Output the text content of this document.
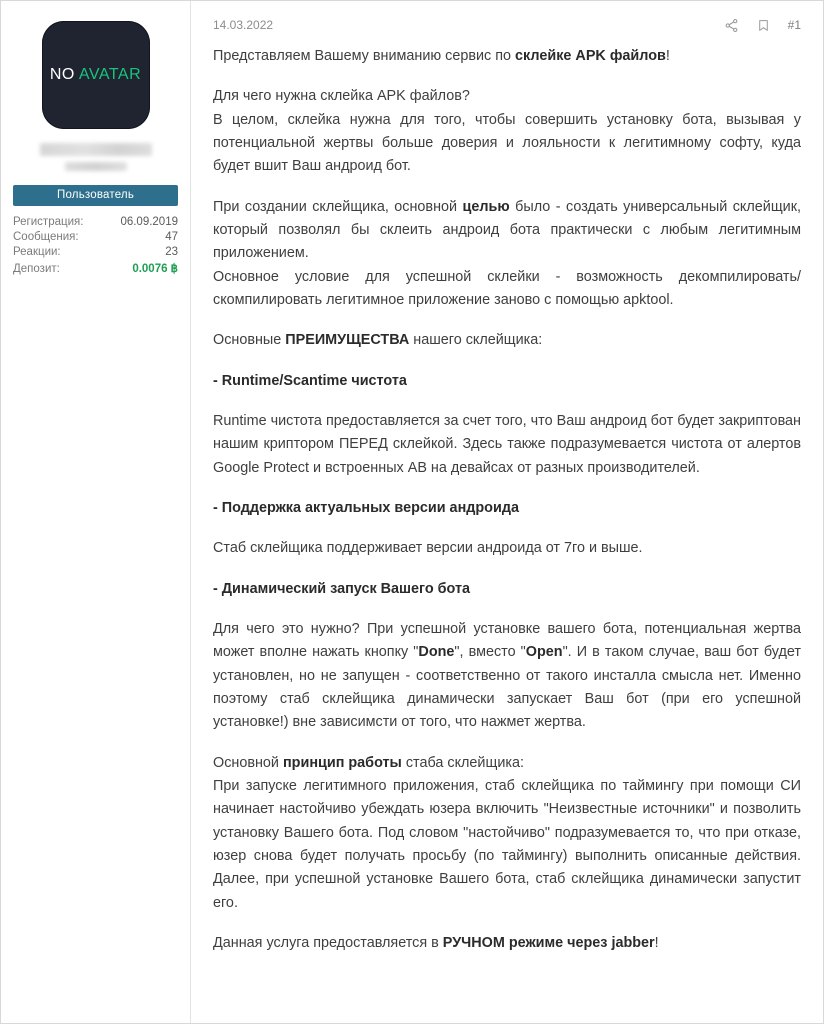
NO AVATAR
Пользователь
Регистрация:	06.09.2019
Сообщения:	47
Реакции:	23
Депозит:	0.0076 ฿
14.03.2022	#1

Представляем Вашему вниманию сервис по склейке APK файлов!

Для чего нужна склейка APK файлов?

В целом, склейка нужна для того, чтобы совершить установку бота, вызывая у потенциальной жертвы больше доверия и лояльности к легитимному софту, куда будет вшит Ваш андроид бот.

При создании склейщика, основной целью было - создать универсальный склейщик, который позволял бы склеить андроид бота практически с любым легитимным приложением.

Основное условие для успешной склейки - возможность декомпилировать/скомпилировать легитимное приложение заново с помощью apktool.

Основные ПРЕИМУЩЕСТВА нашего склейщика:

- Runtime/Scantime чистота

Runtime чистота предоставляется за счет того, что Ваш андроид бот будет закриптован нашим криптором ПЕРЕД склейкой. Здесь также подразумевается чистота от алертов Google Protect и встроенных АВ на девайсах от разных производителей.

- Поддержка актуальных версии андроида

Стаб склейщика поддерживает версии андроида от 7го и выше.

- Динамический запуск Вашего бота

Для чего это нужно? При успешной установке вашего бота, потенциальная жертва может вполне нажать кнопку "Done", вместо "Open". И в таком случае, ваш бот будет установлен, но не запущен - соответственно от такого инсталла смысла нет. Именно поэтому стаб склейщика динамически запускает Ваш бот (при его успешной установке!) вне зависимсти от того, что нажмет жертва.

Основной принцип работы стаба склейщика:

При запуске легитимного приложения, стаб склейщика по таймингу при помощи СИ начинает настойчиво убеждать юзера включить "Неизвестные источники" и позволить установку Вашего бота. Под словом "настойчиво" подразумевается то, что при отказе, юзер снова будет получать просьбу (по таймингу) выполнить описанные действия. Далее, при успешной установке Вашего бота, стаб склейщика динамически запустит его.

Данная услуга предоставляется в РУЧНОМ режиме через jabber!
